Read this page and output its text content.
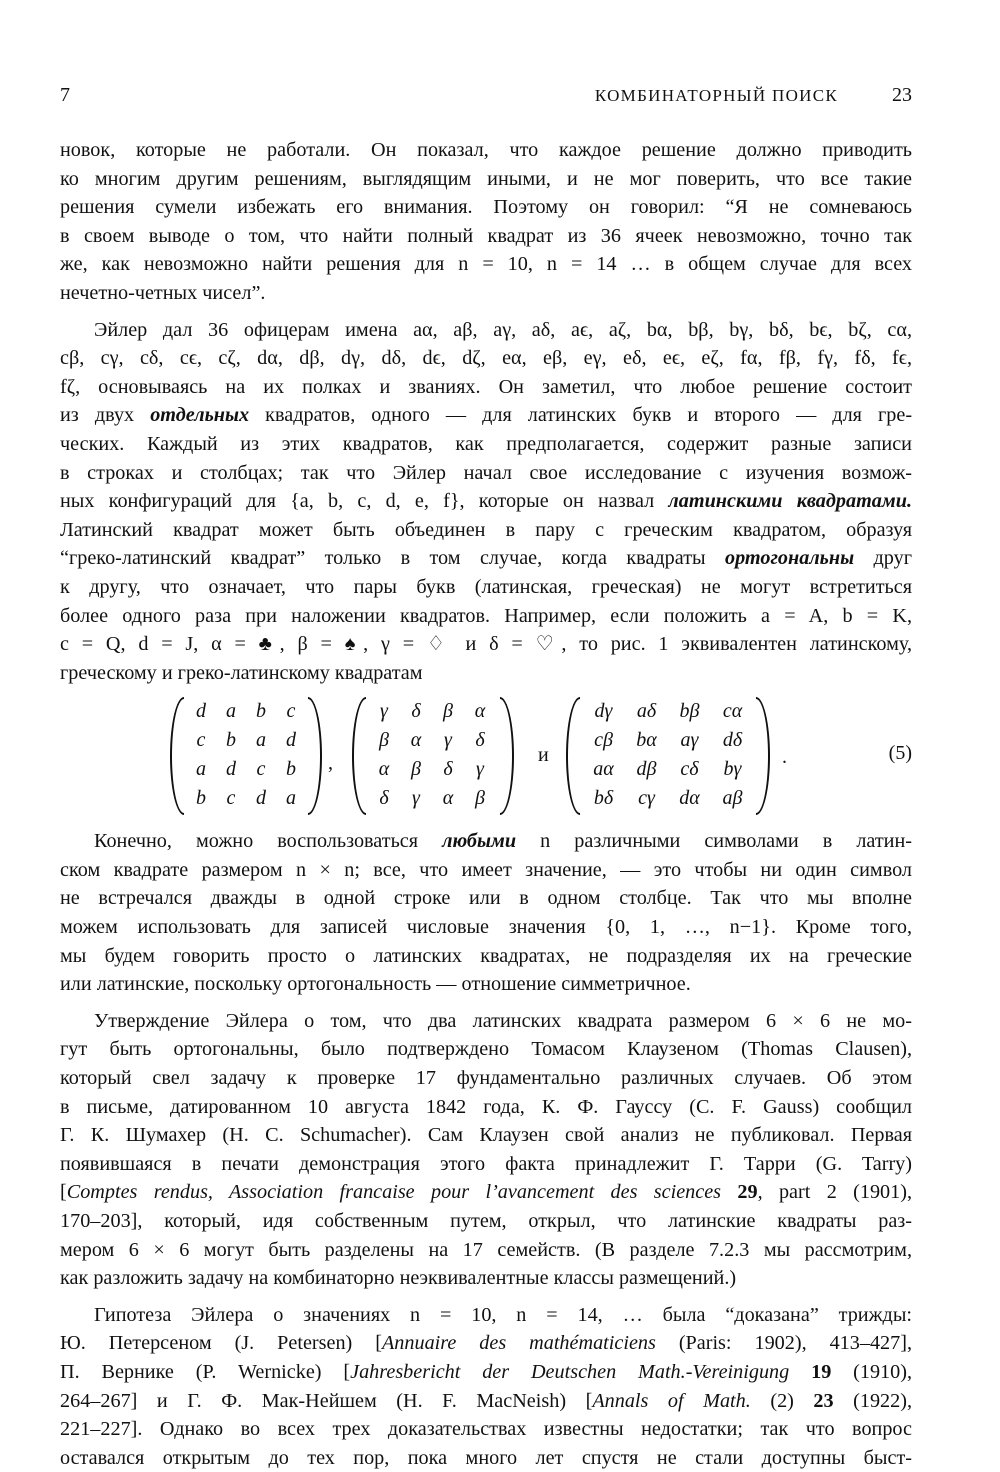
7	КОМБИНАТОРНЫЙ ПОИСК	23

новок, которые не работали. Он показал, что каждое решение должно приводить
ко многим другим решениям, выглядящим иными, и не мог поверить, что все такие
решения сумели избежать его внимания. Поэтому он говорил: “Я не сомневаюсь
в своем выводе о том, что найти полный квадрат из 36 ячеек невозможно, точно так
же, как невозможно найти решения для n = 10, n = 14 … в общем случае для всех
нечетно-четных чисел”.

Эйлер дал 36 офицерам имена aα, aβ, aγ, aδ, aϵ, aζ, bα, bβ, bγ, bδ, bϵ, bζ, cα,
cβ, cγ, cδ, cϵ, cζ, dα, dβ, dγ, dδ, dϵ, dζ, eα, eβ, eγ, eδ, eϵ, eζ, fα, fβ, fγ, fδ, fϵ,
fζ, основываясь на их полках и званиях. Он заметил, что любое решение состоит
из двух отдельных квадратов, одного — для латинских букв и второго — для гре-
ческих. Каждый из этих квадратов, как предполагается, содержит разные записи
в строках и столбцах; так что Эйлер начал свое исследование с изучения возмож-
ных конфигураций для {a, b, c, d, e, f}, которые он назвал латинскими квадратами.
Латинский квадрат может быть объединен в пару с греческим квадратом, образуя
“греко-латинский квадрат” только в том случае, когда квадраты ортогональны друг
к другу, что означает, что пары букв (латинская, греческая) не могут встретиться
более одного раза при наложении квадратов. Например, если положить a = A, b = K,
c = Q, d = J, α = ♣, β = ♠, γ = ♢ и δ = ♡, то рис. 1 эквивалентен латинскому,
греческому и греко-латинскому квадратам

d	a	b	c
c	b	a	d
a	d	c	b
b	c	d	a
,
γ	δ	β	α
β	α	γ	δ
α	β	δ	γ
δ	γ	α	β
и
dγ	aδ	bβ	cα
cβ	bα	aγ	dδ
aα	dβ	cδ	bγ
bδ	cγ	dα	aβ
.	(5)

Конечно, можно воспользоваться любыми n различными символами в латин-
ском квадрате размером n × n; все, что имеет значение, — это чтобы ни один символ
не встречался дважды в одной строке или в одном столбце. Так что мы вполне
можем использовать для записей числовые значения {0, 1, …, n−1}. Кроме того,
мы будем говорить просто о латинских квадратах, не подразделяя их на греческие
или латинские, поскольку ортогональность — отношение симметричное.

Утверждение Эйлера о том, что два латинских квадрата размером 6 × 6 не мо-
гут быть ортогональны, было подтверждено Томасом Клаузеном (Thomas Clausen),
который свел задачу к проверке 17 фундаментально различных случаев. Об этом
в письме, датированном 10 августа 1842 года, К. Ф. Гауссу (C. F. Gauss) сообщил
Г. К. Шумахер (H. C. Schumacher). Сам Клаузен свой анализ не публиковал. Первая
появившаяся в печати демонстрация этого факта принадлежит Г. Тарри (G. Tarry)
[Comptes rendus, Association francaise pour l’avancement des sciences 29, part 2 (1901),
170–203], который, идя собственным путем, открыл, что латинские квадраты раз-
мером 6 × 6 могут быть разделены на 17 семейств. (В разделе 7.2.3 мы рассмотрим,
как разложить задачу на комбинаторно неэквивалентные классы размещений.)

Гипотеза Эйлера о значениях n = 10, n = 14, … была “доказана” трижды:
Ю. Петерсеном (J. Petersen) [Annuaire des mathématiciens (Paris: 1902), 413–427],
П. Вернике (P. Wernicke) [Jahresbericht der Deutschen Math.-Vereinigung 19 (1910),
264–267] и Г. Ф. Мак-Нейшем (H. F. MacNeish) [Annals of Math. (2) 23 (1922),
221–227]. Однако во всех трех доказательствах известны недостатки; так что вопрос
оставался открытым до тех пор, пока много лет спустя не стали доступны быст-
